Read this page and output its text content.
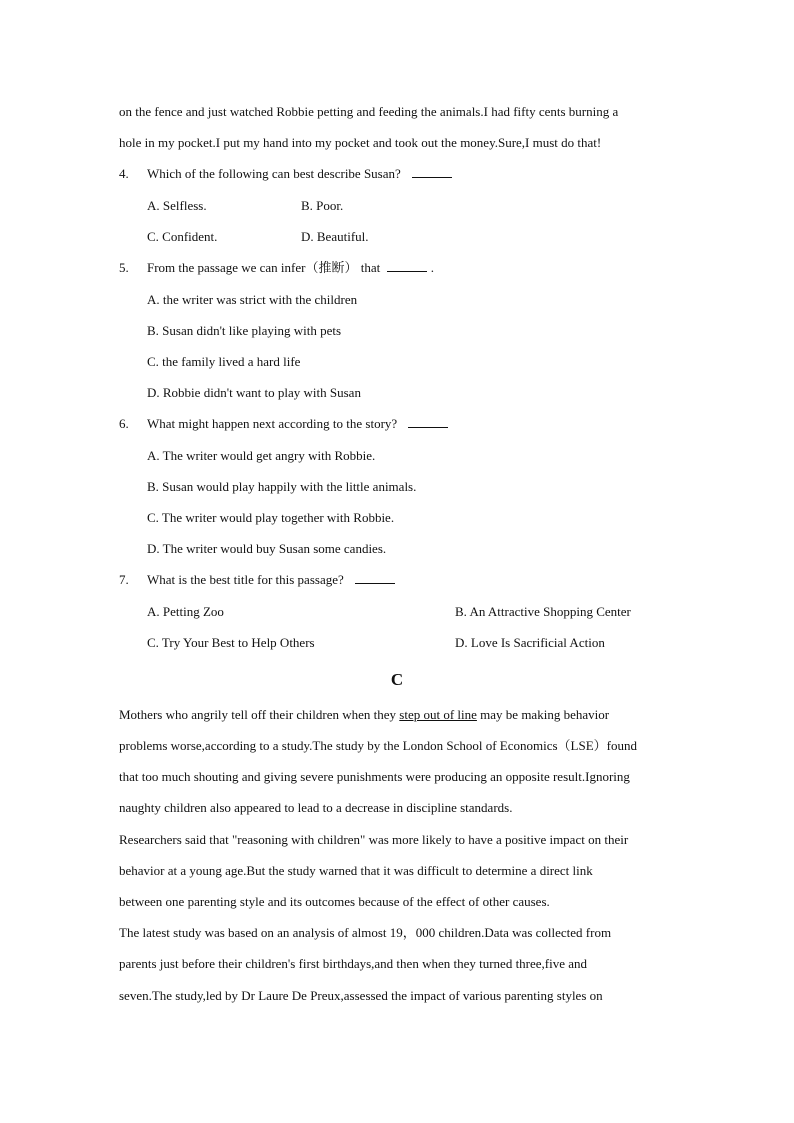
on the fence and just watched Robbie petting and feeding the animals.I had fifty cents burning a
hole in my pocket.I put my hand into my pocket and took out the money.Sure,I must do that!
4. Which of the following can best describe Susan?
A. Selfless.	B. Poor.
C. Confident.	D. Beautiful.
5. From the passage we can infer（推断） that	.
A. the writer was strict with the children
B. Susan didn't like playing with pets
C. the family lived a hard life
D. Robbie didn't want to play with Susan
6. What might happen next according to the story?
A. The writer would get angry with Robbie.
B. Susan would play happily with the little animals.
C. The writer would play together with Robbie.
D. The writer would buy Susan some candies.
7. What is the best title for this passage?
A. Petting Zoo	B. An Attractive Shopping Center
C. Try Your Best to Help Others	D. Love Is Sacrificial Action
C
Mothers who angrily tell off their children when they step out of line may be making behavior
problems worse,according to a study.The study by the London School of Economics（LSE）found
that too much shouting and giving severe punishments were producing an opposite result.Ignoring
naughty children also appeared to lead to a decrease in discipline standards.
Researchers said that "reasoning with children" was more likely to have a positive impact on their
behavior at a young age.But the study warned that it was difficult to determine a direct link
between one parenting style and its outcomes because of the effect of other causes.
The latest study was based on an analysis of almost 19，000 children.Data was collected from
parents just before their children's first birthdays,and then when they turned three,five and
seven.The study,led by Dr Laure De Preux,assessed the impact of various parenting styles on
